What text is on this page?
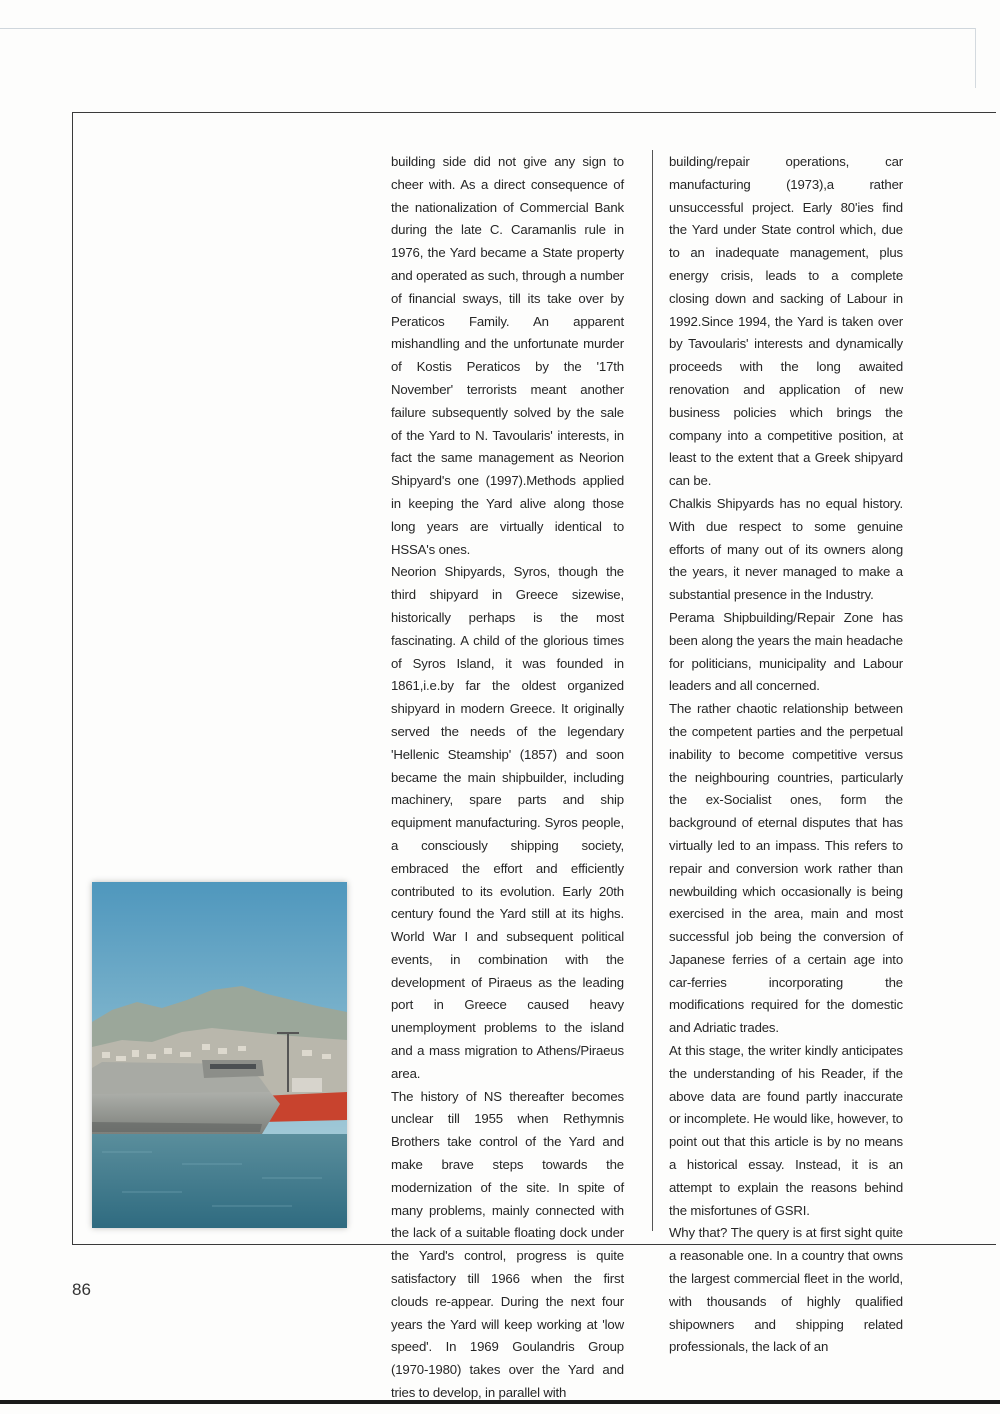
building side did not give any sign to cheer with. As a direct consequence of the nationalization of Commercial Bank during the late C. Caramanlis rule in 1976, the Yard became a State property and operated as such, through a number of financial sways, till its take over by Peraticos Family. An apparent mishandling and the unfortunate murder of Kostis Peraticos by the '17th November' terrorists meant another failure subsequently solved by the sale of the Yard to N. Tavoularis' interests, in fact the same management as Neorion Shipyard's one (1997).Methods applied in keeping the Yard alive along those long years are virtually identical to HSSA's ones.

Neorion Shipyards, Syros, though the third shipyard in Greece sizewise, historically perhaps is the most fascinating. A child of the glorious times of Syros Island, it was founded in 1861,i.e.by far the oldest organized shipyard in modern Greece. It originally served the needs of the legendary 'Hellenic Steamship' (1857) and soon became the main shipbuilder, including machinery, spare parts and ship equipment manufacturing. Syros people, a consciously shipping society, embraced the effort and efficiently contributed to its evolution. Early 20th century found the Yard still at its highs. World War I and subsequent political events, in combination with the development of Piraeus as the leading port in Greece caused heavy unemployment problems to the island and a mass migration to Athens/Piraeus area.

The history of NS thereafter becomes unclear till 1955 when Rethymnis Brothers take control of the Yard and make brave steps towards the modernization of the site. In spite of many problems, mainly connected with the lack of a suitable floating dock under the Yard's control, progress is quite satisfactory till 1966 when the first clouds re-appear. During the next four years the Yard will keep working at 'low speed'. In 1969 Goulandris Group (1970-1980) takes over the Yard and tries to develop, in parallel with

building/repair operations, car manufacturing (1973),a rather unsuccessful project. Early 80'ies find the Yard under State control which, due to an inadequate management, plus energy crisis, leads to a complete closing down and sacking of Labour in 1992.Since 1994, the Yard is taken over by Tavoularis' interests and dynamically proceeds with the long awaited renovation and application of new business policies which brings the company into a competitive position, at least to the extent that a Greek shipyard can be.

Chalkis Shipyards has no equal history. With due respect to some genuine efforts of many out of its owners along the years, it never managed to make a substantial presence in the Industry.

Perama Shipbuilding/Repair Zone has been along the years the main headache for politicians, municipality and Labour leaders and all concerned.

The rather chaotic relationship between the competent parties and the perpetual inability to become competitive versus the neighbouring countries, particularly the ex-Socialist ones, form the background of eternal disputes that has virtually led to an impass. This refers to repair and conversion work rather than newbuilding which occasionally is being exercised in the area, main and most successful job being the conversion of Japanese ferries of a certain age into car-ferries incorporating the modifications required for the domestic and Adriatic trades.

At this stage, the writer kindly anticipates the understanding of his Reader, if the above data are found partly inaccurate or incomplete. He would like, however, to point out that this article is by no means a historical essay. Instead, it is an attempt to explain the reasons behind the misfortunes of GSRI.

Why that? The query is at first sight quite a reasonable one. In a country that owns the largest commercial fleet in the world, with thousands of highly qualified shipowners and shipping related professionals, the lack of an

86
